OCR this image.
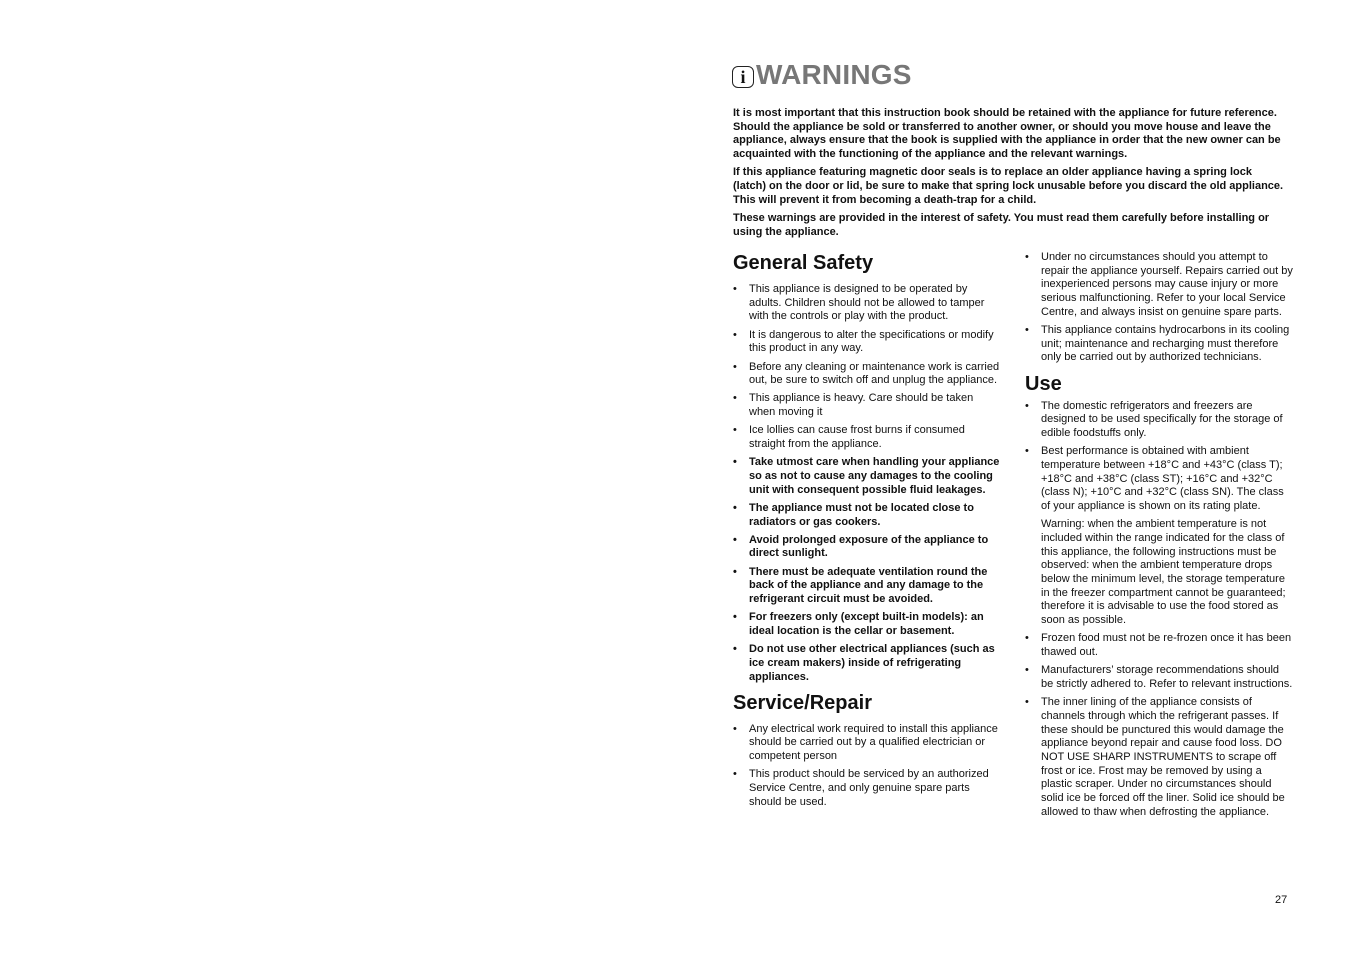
i WARNINGS

It is most important that this instruction book should be retained with the appliance for future reference. Should the appliance be sold or transferred to another owner, or should you move house and leave the appliance, always ensure that the book is supplied with the appliance in order that the new owner can be acquainted with the functioning of the appliance and the relevant warnings.

If this appliance featuring magnetic door seals is to replace an older appliance having a spring lock (latch) on the door or lid, be sure to make that spring lock unusable before you discard the old appliance. This will prevent it from becoming a death-trap for a child.

These warnings are provided in the interest of safety. You must read them carefully before installing or using the appliance.

General Safety
• This appliance is designed to be operated by adults. Children should not be allowed to tamper with the controls or play with the product.
• It is dangerous to alter the specifications or modify this product in any way.
• Before any cleaning or maintenance work is carried out, be sure to switch off and unplug the appliance.
• This appliance is heavy. Care should be taken when moving it
• Ice lollies can cause frost burns if consumed straight from the appliance.
• Take utmost care when handling your appliance so as not to cause any damages to the cooling unit with consequent possible fluid leakages.
• The appliance must not be located close to radiators or gas cookers.
• Avoid prolonged exposure of the appliance to direct sunlight.
• There must be adequate ventilation round the back of the appliance and any damage to the refrigerant circuit must be avoided.
• For freezers only (except built-in models): an ideal location is the cellar or basement.
• Do not use other electrical appliances (such as ice cream makers) inside of refrigerating appliances.
Service/Repair
• Any electrical work required to install this appliance should be carried out by a qualified electrician or competent person
• This product should be serviced by an authorized Service Centre, and only genuine spare parts should be used.
• Under no circumstances should you attempt to repair the appliance yourself. Repairs carried out by inexperienced persons may cause injury or more serious malfunctioning. Refer to your local Service Centre, and always insist on genuine spare parts.
• This appliance contains hydrocarbons in its cooling unit; maintenance and recharging must therefore only be carried out by authorized technicians.
Use
• The domestic refrigerators and freezers are designed to be used specifically for the storage of edible foodstuffs only.
• Best performance is obtained with ambient temperature between +18°C and +43°C (class T); +18°C and +38°C (class ST); +16°C and +32°C (class N); +10°C and +32°C (class SN). The class of your appliance is shown on its rating plate.
Warning: when the ambient temperature is not included within the range indicated for the class of this appliance, the following instructions must be observed: when the ambient temperature drops below the minimum level, the storage temperature in the freezer compartment cannot be guaranteed; therefore it is advisable to use the food stored as soon as possible.
• Frozen food must not be re-frozen once it has been thawed out.
• Manufacturers’ storage recommendations should be strictly adhered to. Refer to relevant instructions.
• The inner lining of the appliance consists of channels through which the refrigerant passes. If these should be punctured this would damage the appliance beyond repair and cause food loss. DO NOT USE SHARP INSTRUMENTS to scrape off frost or ice. Frost may be removed by using a plastic scraper. Under no circumstances should solid ice be forced off the liner. Solid ice should be allowed to thaw when defrosting the appliance.
27
